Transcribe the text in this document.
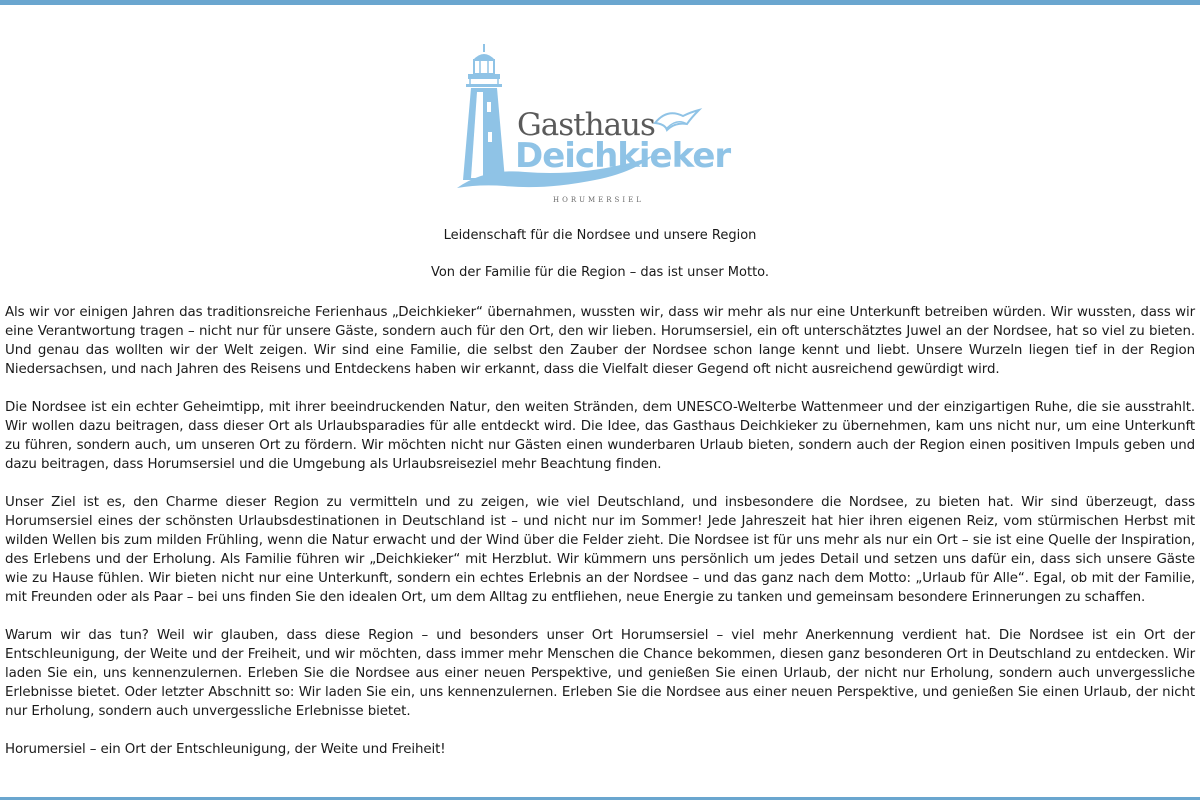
Gasthaus
Deichkieker
HORUMERSIEL
Leidenschaft für die Nordsee und unsere Region
Von der Familie für die Region – das ist unser Motto.

Als wir vor einigen Jahren das traditionsreiche Ferienhaus „Deichkieker“ übernahmen, wussten wir, dass wir mehr als nur eine Unterkunft betreiben würden. Wir wussten, dass wir eine Verantwortung tragen – nicht nur für unsere Gäste, sondern auch für den Ort, den wir lieben. Horumsersiel, ein oft unterschätztes Juwel an der Nordsee, hat so viel zu bieten. Und genau das wollten wir der Welt zeigen. Wir sind eine Familie, die selbst den Zauber der Nordsee schon lange kennt und liebt. Unsere Wurzeln liegen tief in der Region Niedersachsen, und nach Jahren des Reisens und Entdeckens haben wir erkannt, dass die Vielfalt dieser Gegend oft nicht ausreichend gewürdigt wird.

Die Nordsee ist ein echter Geheimtipp, mit ihrer beeindruckenden Natur, den weiten Stränden, dem UNESCO-Welterbe Wattenmeer und der einzigartigen Ruhe, die sie ausstrahlt. Wir wollen dazu beitragen, dass dieser Ort als Urlaubsparadies für alle entdeckt wird. Die Idee, das Gasthaus Deichkieker zu übernehmen, kam uns nicht nur, um eine Unterkunft zu führen, sondern auch, um unseren Ort zu fördern. Wir möchten nicht nur Gästen einen wunderbaren Urlaub bieten, sondern auch der Region einen positiven Impuls geben und dazu beitragen, dass Horumsersiel und die Umgebung als Urlaubsreiseziel mehr Beachtung finden.

Unser Ziel ist es, den Charme dieser Region zu vermitteln und zu zeigen, wie viel Deutschland, und insbesondere die Nordsee, zu bieten hat. Wir sind überzeugt, dass Horumsersiel eines der schönsten Urlaubsdestinationen in Deutschland ist – und nicht nur im Sommer! Jede Jahreszeit hat hier ihren eigenen Reiz, vom stürmischen Herbst mit wilden Wellen bis zum milden Frühling, wenn die Natur erwacht und der Wind über die Felder zieht. Die Nordsee ist für uns mehr als nur ein Ort – sie ist eine Quelle der Inspiration, des Erlebens und der Erholung. Als Familie führen wir „Deichkieker“ mit Herzblut. Wir kümmern uns persönlich um jedes Detail und setzen uns dafür ein, dass sich unsere Gäste wie zu Hause fühlen. Wir bieten nicht nur eine Unterkunft, sondern ein echtes Erlebnis an der Nordsee – und das ganz nach dem Motto: „Urlaub für Alle“. Egal, ob mit der Familie, mit Freunden oder als Paar – bei uns finden Sie den idealen Ort, um dem Alltag zu entfliehen, neue Energie zu tanken und gemeinsam besondere Erinnerungen zu schaffen.

Warum wir das tun? Weil wir glauben, dass diese Region – und besonders unser Ort Horumsersiel – viel mehr Anerkennung verdient hat. Die Nordsee ist ein Ort der Entschleunigung, der Weite und der Freiheit, und wir möchten, dass immer mehr Menschen die Chance bekommen, diesen ganz besonderen Ort in Deutschland zu entdecken. Wir laden Sie ein, uns kennenzulernen. Erleben Sie die Nordsee aus einer neuen Perspektive, und genießen Sie einen Urlaub, der nicht nur Erholung, sondern auch unvergessliche Erlebnisse bietet. Oder letzter Abschnitt so: Wir laden Sie ein, uns kennenzulernen. Erleben Sie die Nordsee aus einer neuen Perspektive, und genießen Sie einen Urlaub, der nicht nur Erholung, sondern auch unvergessliche Erlebnisse bietet.

Horumersiel – ein Ort der Entschleunigung, der Weite und Freiheit!
